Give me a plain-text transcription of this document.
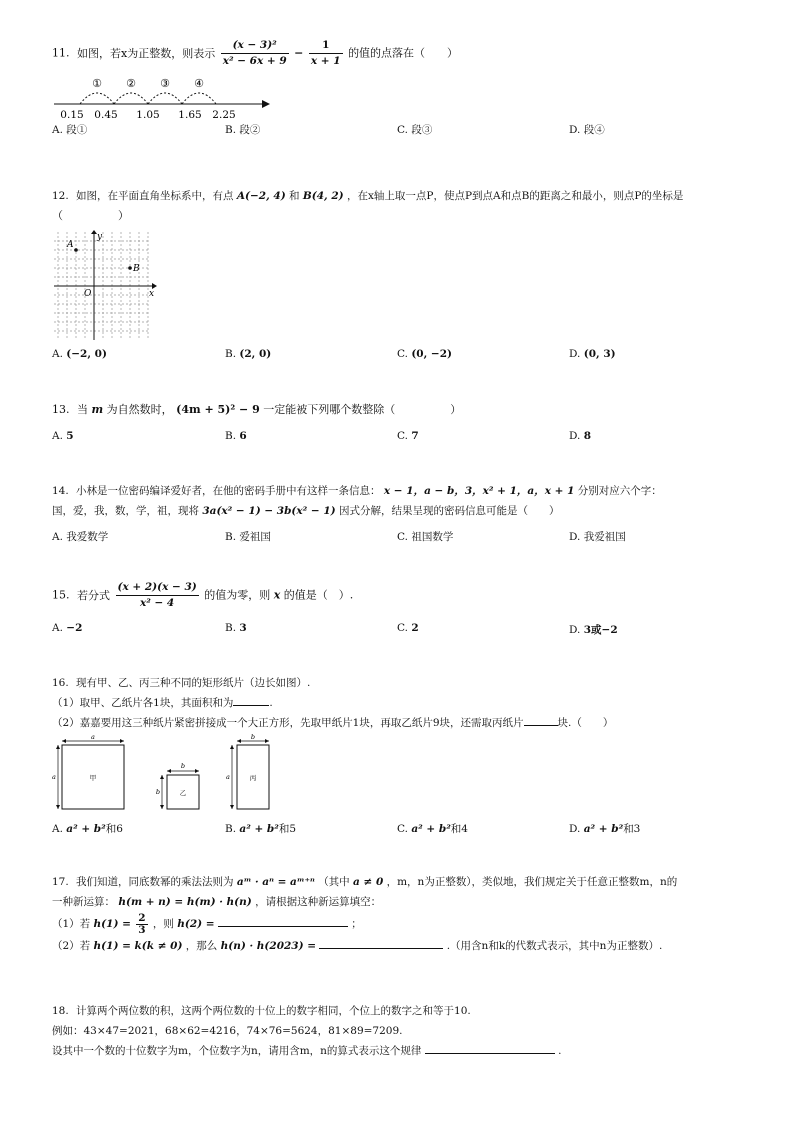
11. 如图，若x为正整数，则表示 $\frac{\text{(x − 3)²}}{\text{x² − 6x + 9}} - \frac{1}{x + 1}$ 的值的点落在（　　）
① ② ③ ④
0.15 0.45 1.05 1.65 2.25
A. 段①	B. 段②	C. 段③	D. 段④
12. 如图，在平面直角坐标系中，有点 A(−2, 4) 和 B(4, 2) ，在x轴上取一点P，使点P到点A和点B的距离之和最小，则点P的坐标是
（　　　　　）
A
B
O	x
y
A. (−2, 0)	B. (2, 0)	C. (0, −2)	D. (0, 3)
13. 当 m 为自然数时， (4m + 5)² − 9 一定能被下列哪个数整除（　　　　　）
A. 5	B. 6	C. 7	D. 8
14. 小林是一位密码编译爱好者，在他的密码手册中有这样一条信息： x − 1，a − b，3，x² + 1，a，x + 1 分别对应六个字：
国，爱，我，数，学，祖，现将 3a(x² − 1) − 3b(x² − 1) 因式分解，结果呈现的密码信息可能是（　　）
A. 我爱数学	B. 爱祖国	C. 祖国数学	D. 我爱祖国
15. 若分式 $\frac{(x + 2)(x - 3)}{\text{x² − 4}}$ 的值为零，则 x 的值是（　）.
A. −2	B. 3	C. 2	D. 3或−2
16. 现有甲、乙、丙三种不同的矩形纸片（边长如图）.
（1）取甲、乙纸片各1块，其面积和为	.
（2）嘉嘉要用这三种纸片紧密拼接成一个大正方形，先取甲纸片1块，再取乙纸片9块，还需取丙纸片	块.（　　）
a
a	甲
b
b	乙
b
a	丙
A. a² + b²和6	B. a² + b²和5	C. a² + b²和4	D. a² + b²和3
17. 我们知道，同底数幂的乘法法则为 aᵐ · aⁿ = aᵐ⁺ⁿ （其中 a ≠ 0 ，m，n为正整数），类似地，我们规定关于任意正整数m，n的
一种新运算： h(m + n) = h(m) · h(n) ，请根据这种新运算填空：
（1）若 $h(1) = \frac{2}{3}$ ，则 h(2) =	；
（2）若 h(1) = k(k ≠ 0) ，那么 h(n) · h(2023) =	.（用含n和k的代数式表示，其中n为正整数）.
18. 计算两个两位数的积，这两个两位数的十位上的数字相同，个位上的数字之和等于10.
例如：43×47=2021，68×62=4216，74×76=5624，81×89=7209.
设其中一个数的十位数字为m，个位数字为n，请用含m，n的算式表示这个规律	.
